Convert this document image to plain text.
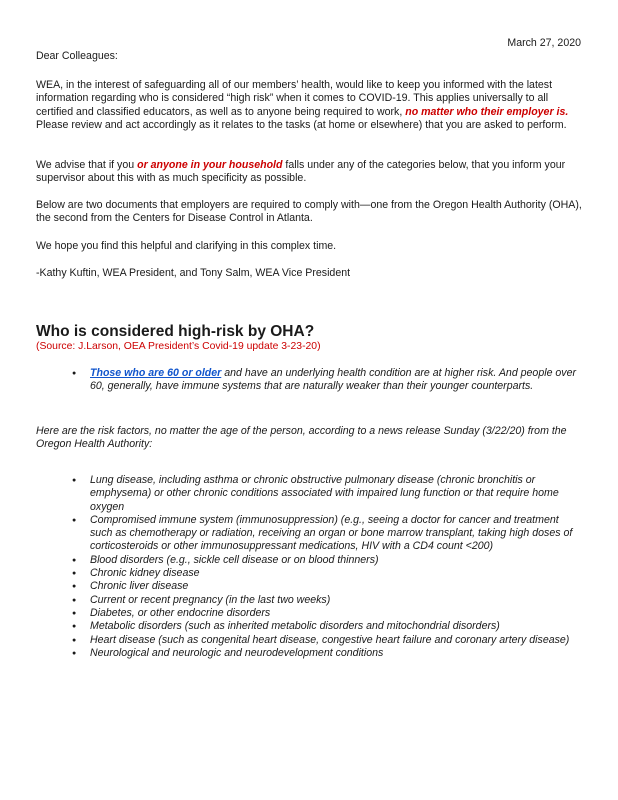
March 27, 2020

Dear Colleagues:

WEA, in the interest of safeguarding all of our members’ health, would like to keep you informed with the latest information regarding who is considered “high risk” when it comes to COVID-19. This applies universally to all certified and classified educators, as well as to anyone being required to work, no matter who their employer is. Please review and act accordingly as it relates to the tasks (at home or elsewhere) that you are asked to perform.

We advise that if you or anyone in your household falls under any of the categories below, that you inform your supervisor about this with as much specificity as possible.

Below are two documents that employers are required to comply with—one from the Oregon Health Authority (OHA), the second from the Centers for Disease Control in Atlanta.

We hope you find this helpful and clarifying in this complex time.

-Kathy Kuftin, WEA President, and Tony Salm, WEA Vice President

Who is considered high-risk by OHA?

(Source: J.Larson, OEA President’s Covid-19 update 3-23-20)

● Those who are 60 or older and have an underlying health condition are at higher risk. And people over 60, generally, have immune systems that are naturally weaker than their younger counterparts.

Here are the risk factors, no matter the age of the person, according to a news release Sunday (3/22/20) from the Oregon Health Authority:

● Lung disease, including asthma or chronic obstructive pulmonary disease (chronic bronchitis or emphysema) or other chronic conditions associated with impaired lung function or that require home oxygen
● Compromised immune system (immunosuppression) (e.g., seeing a doctor for cancer and treatment such as chemotherapy or radiation, receiving an organ or bone marrow transplant, taking high doses of corticosteroids or other immunosuppressant medications, HIV with a CD4 count <200)
● Blood disorders (e.g., sickle cell disease or on blood thinners)
● Chronic kidney disease
● Chronic liver disease
● Current or recent pregnancy (in the last two weeks)
● Diabetes, or other endocrine disorders
● Metabolic disorders (such as inherited metabolic disorders and mitochondrial disorders)
● Heart disease (such as congenital heart disease, congestive heart failure and coronary artery disease)
● Neurological and neurologic and neurodevelopment conditions
